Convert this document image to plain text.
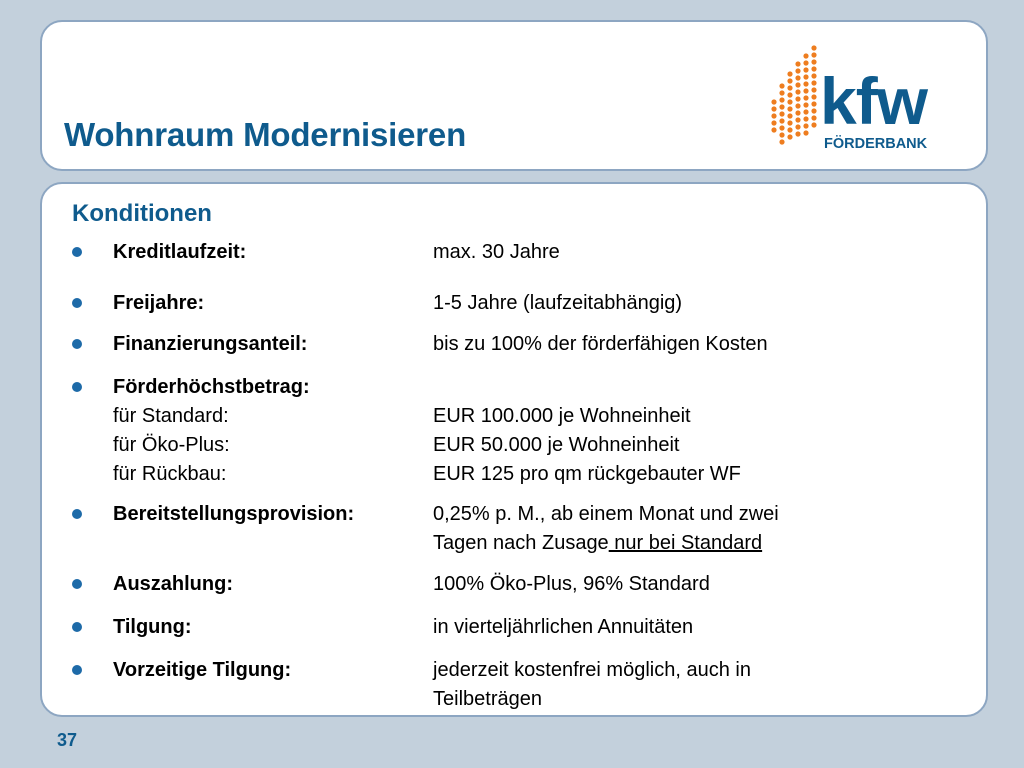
Wohnraum Modernisieren	kfw
FÖRDERBANK
Konditionen
Kreditlaufzeit:	max. 30 Jahre
Freijahre:	1-5 Jahre (laufzeitabhängig)
Finanzierungsanteil:	bis zu 100% der förderfähigen Kosten
Förderhöchstbetrag:
für Standard:	EUR 100.000 je Wohneinheit
für Öko-Plus:	EUR 50.000 je Wohneinheit
für Rückbau:	EUR 125 pro qm rückgebauter WF
Bereitstellungsprovision:	0,25% p. M., ab einem Monat und zwei
Tagen nach Zusage nur bei Standard
Auszahlung:	100% Öko-Plus, 96% Standard
Tilgung:	in vierteljährlichen Annuitäten
Vorzeitige Tilgung:	jederzeit kostenfrei möglich, auch in
Teilbeträgen
37
